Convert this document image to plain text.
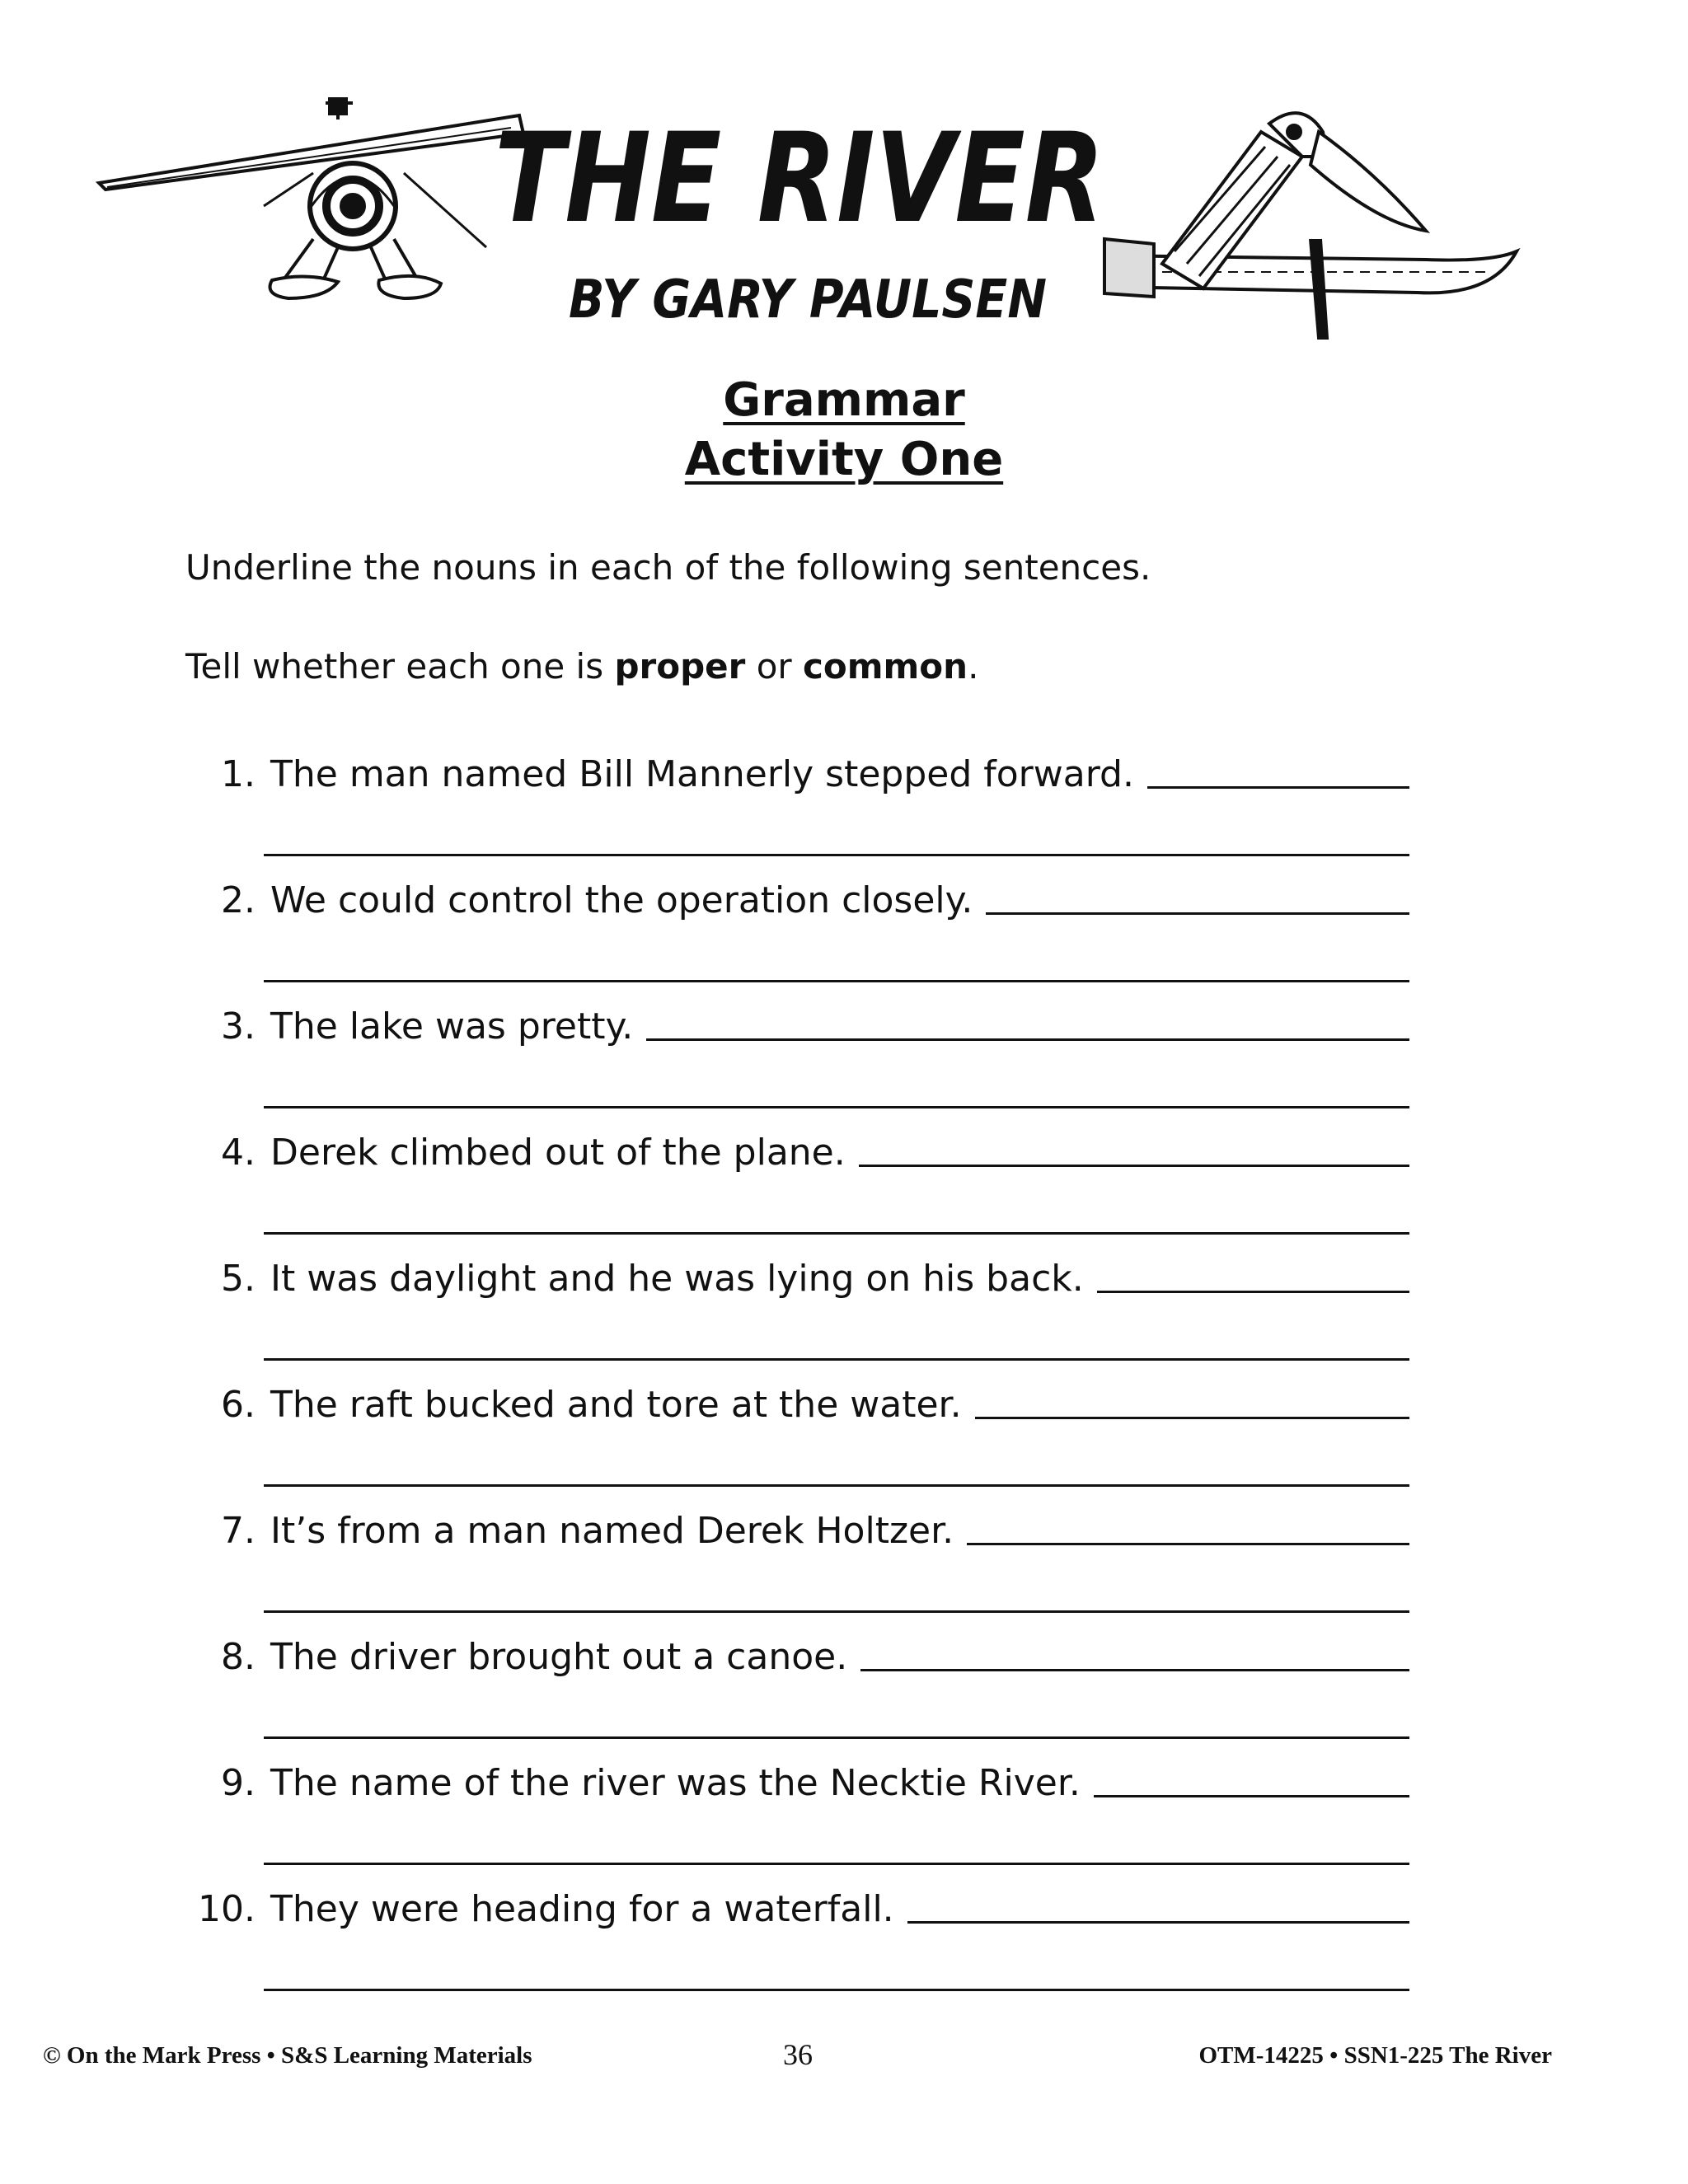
THE RIVER
BY GARY PAULSEN
Grammar
Activity One
Underline the nouns in each of the following sentences.
Tell whether each one is proper or common.
1. The man named Bill Mannerly stepped forward.
2. We could control the operation closely.
3. The lake was pretty.
4. Derek climbed out of the plane.
5. It was daylight and he was lying on his back.
6. The raft bucked and tore at the water.
7. It’s from a man named Derek Holtzer.
8. The driver brought out a canoe.
9. The name of the river was the Necktie River.
10. They were heading for a waterfall.
© On the Mark Press • S&S Learning Materials	36	OTM-14225 • SSN1-225 The River
